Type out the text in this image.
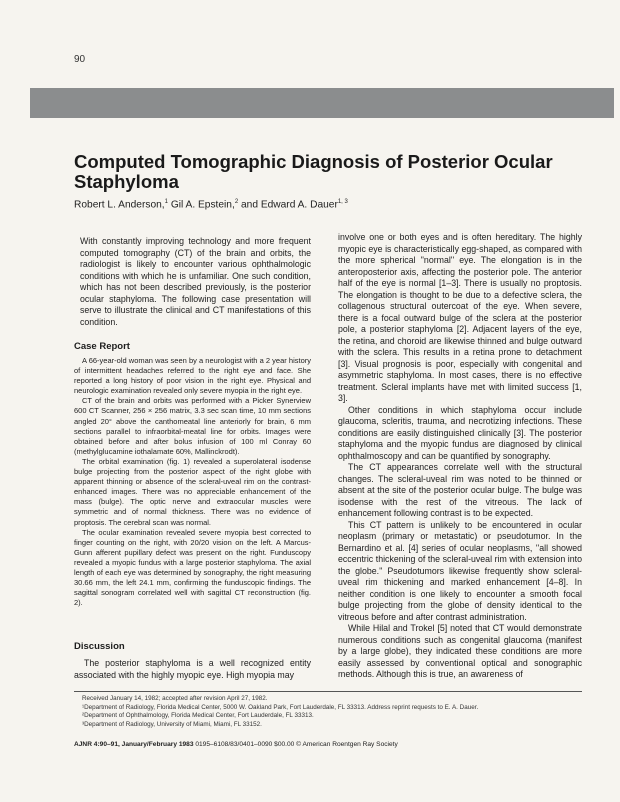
90
Computed Tomographic Diagnosis of Posterior Ocular Staphyloma
Robert L. Anderson,$^1$ Gil A. Epstein,$^2$ and Edward A. Dauer$^{1, 3}$

With constantly improving technology and more frequent computed tomography (CT) of the brain and orbits, the radiologist is likely to encounter various ophthalmologic conditions with which he is unfamiliar. One such condition, which has not been described previously, is the posterior ocular staphyloma. The following case presentation will serve to illustrate the clinical and CT manifestations of this condition.

Case Report

A 66-year-old woman was seen by a neurologist with a 2 year history of intermittent headaches referred to the right eye and face. She reported a long history of poor vision in the right eye. Physical and neurologic examination revealed only severe myopia in the right eye.

CT of the brain and orbits was performed with a Picker Synerview 600 CT Scanner, 256 × 256 matrix, 3.3 sec scan time, 10 mm sections angled 20° above the canthomeatal line anteriorly for brain, 6 mm sections parallel to infraorbital-meatal line for orbits. Images were obtained before and after bolus infusion of 100 ml Conray 60 (methylglucamine iothalamate 60%, Mallinckrodt).

The orbital examination (fig. 1) revealed a superolateral isodense bulge projecting from the posterior aspect of the right globe with apparent thinning or absence of the scleral-uveal rim on the contrast-enhanced images. There was no appreciable enhancement of the mass (bulge). The optic nerve and extraocular muscles were symmetric and of normal thickness. There was no evidence of proptosis. The cerebral scan was normal.

The ocular examination revealed severe myopia best corrected to finger counting on the right, with 20/20 vision on the left. A Marcus-Gunn afferent pupillary defect was present on the right. Funduscopy revealed a myopic fundus with a large posterior staphyloma. The axial length of each eye was determined by sonography, the right measuring 30.66 mm, the left 24.1 mm, confirming the funduscopic findings. The sagittal sonogram correlated well with sagittal CT reconstruction (fig. 2).

Discussion

The posterior staphyloma is a well recognized entity associated with the highly myopic eye. High myopia may

involve one or both eyes and is often hereditary. The highly myopic eye is characteristically egg-shaped, as compared with the more spherical ''normal'' eye. The elongation is in the anteroposterior axis, affecting the posterior pole. The anterior half of the eye is normal [1–3]. There is usually no proptosis. The elongation is thought to be due to a defective sclera, the collagenous structural outercoat of the eye. When severe, there is a focal outward bulge of the sclera at the posterior pole, a posterior staphyloma [2]. Adjacent layers of the eye, the retina, and choroid are likewise thinned and bulge outward with the sclera. This results in a retina prone to detachment [3]. Visual prognosis is poor, especially with congenital and asymmetric staphyloma. In most cases, there is no effective treatment. Scleral implants have met with limited success [1, 3].

Other conditions in which staphyloma occur include glaucoma, scleritis, trauma, and necrotizing infections. These conditions are easily distinguished clinically [3]. The posterior staphyloma and the myopic fundus are diagnosed by clinical ophthalmoscopy and can be quantified by sonography.

The CT appearances correlate well with the structural changes. The scleral-uveal rim was noted to be thinned or absent at the site of the posterior ocular bulge. The bulge was isodense with the rest of the vitreous. The lack of enhancement following contrast is to be expected.

This CT pattern is unlikely to be encountered in ocular neoplasm (primary or metastatic) or pseudotumor. In the Bernardino et al. [4] series of ocular neoplasms, ''all showed eccentric thickening of the scleral-uveal rim with extension into the globe.'' Pseudotumors likewise frequently show scleral-uveal rim thickening and marked enhancement [4–8]. In neither condition is one likely to encounter a smooth focal bulge projecting from the globe of density identical to the vitreous before and after contrast administration.

While Hilal and Trokel [5] noted that CT would demonstrate numerous conditions such as congenital glaucoma (manifest by a large globe), they indicated these conditions are more easily assessed by conventional optical and sonographic methods. Although this is true, an awareness of

Received January 14, 1982; accepted after revision April 27, 1982.
¹Department of Radiology, Florida Medical Center, 5000 W. Oakland Park, Fort Lauderdale, FL 33313. Address reprint requests to E. A. Dauer.
²Department of Ophthalmology, Florida Medical Center, Fort Lauderdale, FL 33313.
³Department of Radiology, University of Miami, Miami, FL 33152.
AJNR 4:90–91, January/February 1983 0195–6108/83/0401–0090 $00.00 © American Roentgen Ray Society
